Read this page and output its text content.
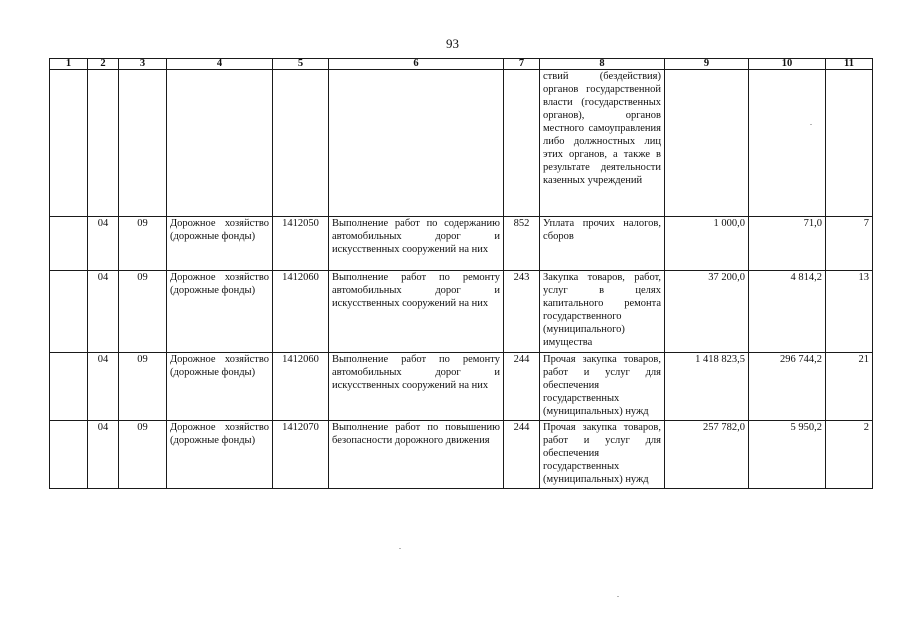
93
1	2	3	4	5	6	7	8	9	10	11
							ствий (бездействия) органов государственной власти (государственных органов), органов местного самоуправления либо должностных лиц этих органов, а также в результате деятельности казенных учреждений			
	04	09	Дорожное хозяйство (дорожные фонды)	1412050	Выполнение работ по содержанию автомобильных дорог и искусственных сооружений на них	852	Уплата прочих налогов, сборов	1 000,0	71,0	7
	04	09	Дорожное хозяйство (дорожные фонды)	1412060	Выполнение работ по ремонту автомобильных дорог и искусственных сооружений на них	243	Закупка товаров, работ, услуг в целях капитального ремонта государственного (муниципального) имущества	37 200,0	4 814,2	13
	04	09	Дорожное хозяйство (дорожные фонды)	1412060	Выполнение работ по ремонту автомобильных дорог и искусственных сооружений на них	244	Прочая закупка товаров, работ и услуг для обеспечения государственных (муниципальных) нужд	1 418 823,5	296 744,2	21
	04	09	Дорожное хозяйство (дорожные фонды)	1412070	Выполнение работ по повышению безопасности дорожного движения	244	Прочая закупка товаров, работ и услуг для обеспечения государственных (муниципальных) нужд	257 782,0	5 950,2	2
